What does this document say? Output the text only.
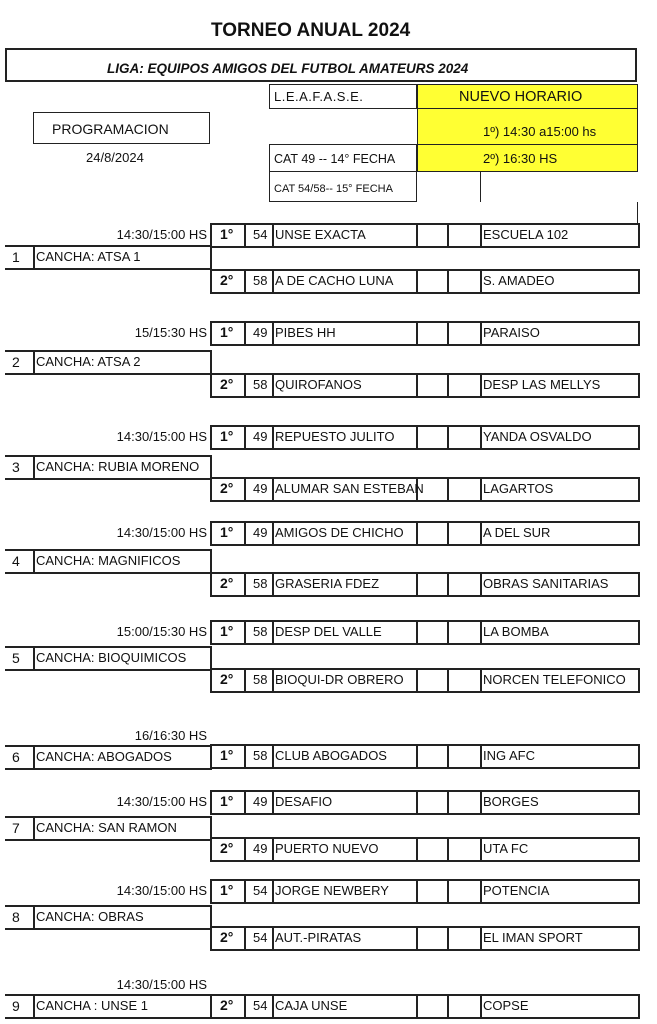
TORNEO ANUAL 2024
LIGA: EQUIPOS AMIGOS DEL FUTBOL AMATEURS 2024
L.E.A.F.A.S.E.	NUEVO HORARIO
1º) 14:30 a15:00 hs
CAT 49 -- 14° FECHA	2º) 16:30 HS
CAT 54/58-- 15° FECHA
PROGRAMACION
24/8/2024
14:30/15:00 HS
1 CANCHA: ATSA 1
1° 54 UNSE EXACTA	ESCUELA 102
2° 58 A DE CACHO LUNA	S. AMADEO
15/15:30 HS
2 CANCHA: ATSA 2
1° 49 PIBES HH	PARAISO
2° 58 QUIROFANOS	DESP LAS MELLYS
14:30/15:00 HS
3 CANCHA: RUBIA MORENO
1° 49 REPUESTO JULITO	YANDA OSVALDO
2° 49 ALUMAR SAN ESTEBAN	LAGARTOS
14:30/15:00 HS
4 CANCHA: MAGNIFICOS
1° 49 AMIGOS DE CHICHO	A DEL SUR
2° 58 GRASERIA FDEZ	OBRAS SANITARIAS
15:00/15:30 HS
5 CANCHA: BIOQUIMICOS
1° 58 DESP DEL VALLE	LA BOMBA
2° 58 BIOQUI-DR OBRERO	NORCEN TELEFONICO
16/16:30 HS
6 CANCHA: ABOGADOS	1° 58 CLUB ABOGADOS	ING AFC
14:30/15:00 HS
7 CANCHA: SAN RAMON
1° 49 DESAFIO	BORGES
2° 49 PUERTO NUEVO	UTA FC
14:30/15:00 HS
8 CANCHA: OBRAS
1° 54 JORGE NEWBERY	POTENCIA
2° 54 AUT.-PIRATAS	EL IMAN SPORT
14:30/15:00 HS
9 CANCHA : UNSE 1	2° 54 CAJA UNSE	COPSE
